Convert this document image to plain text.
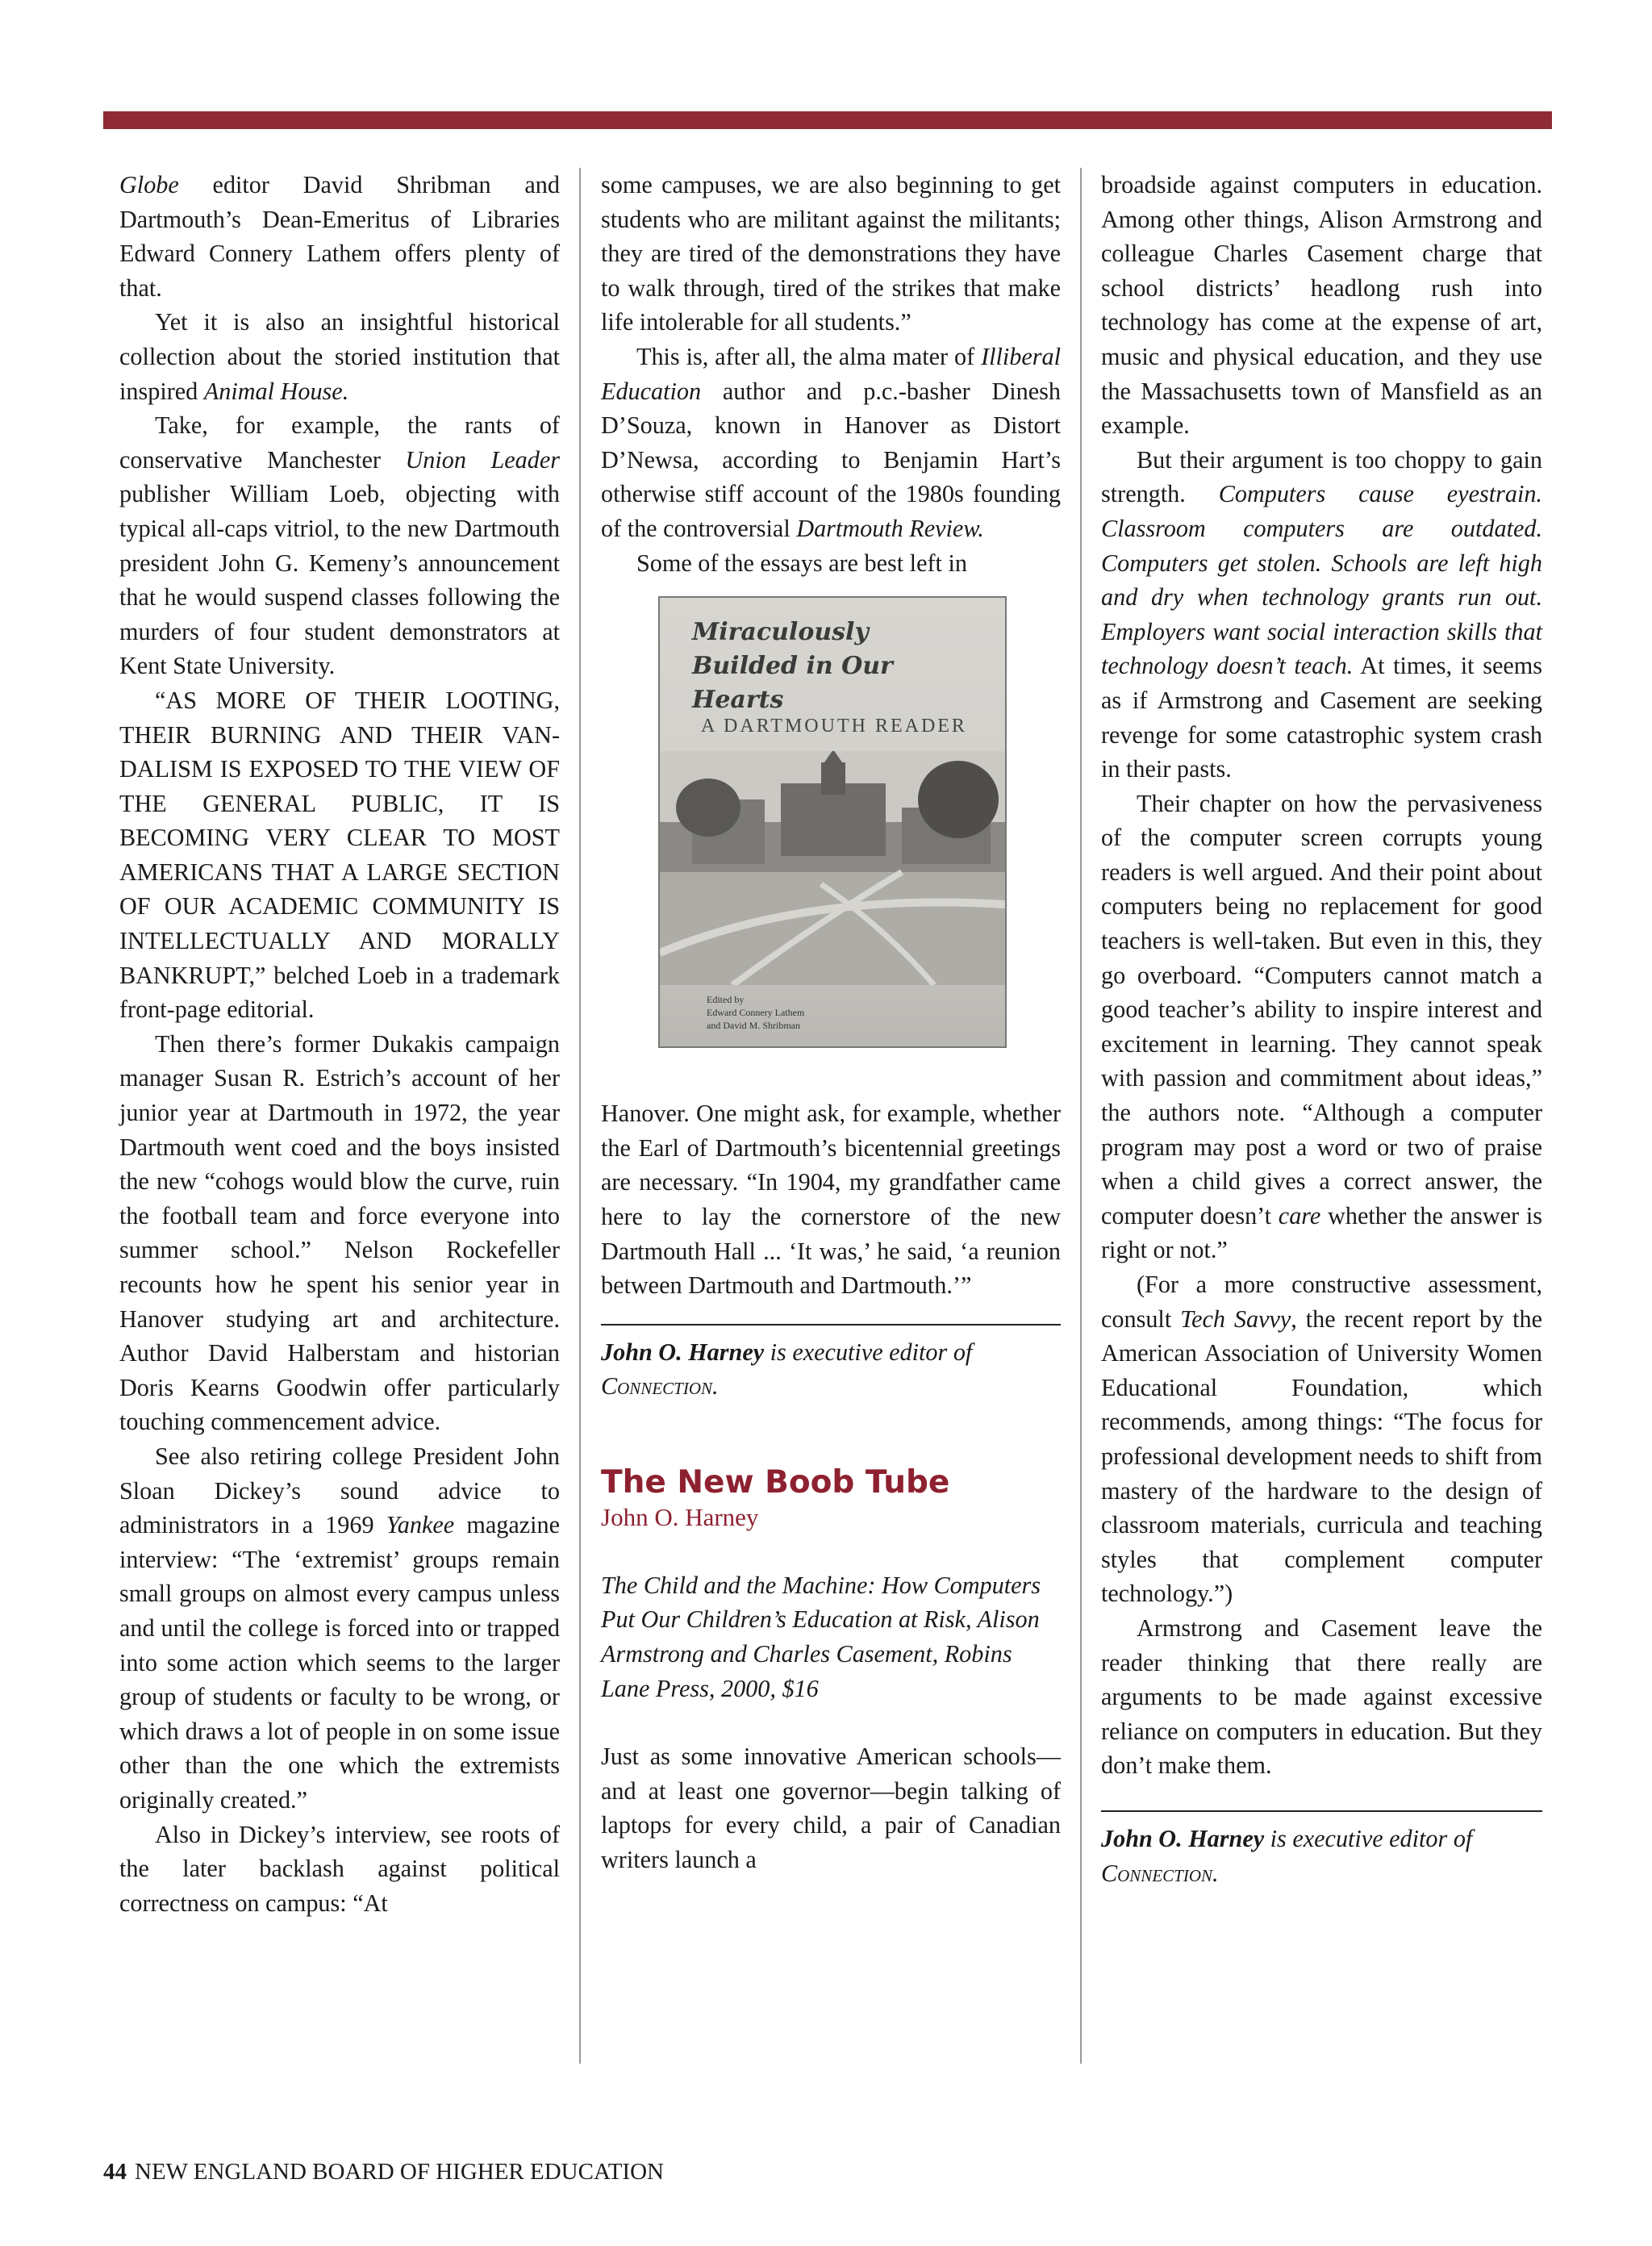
Globe editor David Shribman and Dartmouth’s Dean-Emeritus of Libraries Edward Connery Lathem offers plenty of that.

Yet it is also an insightful historical collection about the storied institution that inspired Animal House.

Take, for example, the rants of conservative Manchester Union Leader publisher William Loeb, objecting with typical all-caps vitriol, to the new Dartmouth president John G. Kemeny’s announcement that he would suspend classes following the murders of four student demonstrators at Kent State University.

“AS MORE OF THEIR LOOTING, THEIR BURNING AND THEIR VANDALISM IS EXPOSED TO THE VIEW OF THE GENERAL PUBLIC, IT IS BECOMING VERY CLEAR TO MOST AMERICANS THAT A LARGE SECTION OF OUR ACADEMIC COMMUNITY IS INTELLECTUALLY AND MORALLY BANKRUPT,” belched Loeb in a trademark front-page editorial.

Then there’s former Dukakis campaign manager Susan R. Estrich’s account of her junior year at Dartmouth in 1972, the year Dartmouth went coed and the boys insisted the new “cohogs would blow the curve, ruin the football team and force everyone into summer school.” Nelson Rockefeller recounts how he spent his senior year in Hanover studying art and architecture. Author David Halberstam and historian Doris Kearns Goodwin offer particularly touching commencement advice.

See also retiring college President John Sloan Dickey’s sound advice to administrators in a 1969 Yankee magazine interview: “The ‘extremist’ groups remain small groups on almost every campus unless and until the college is forced into or trapped into some action which seems to the larger group of students or faculty to be wrong, or which draws a lot of people in on some issue other than the one which the extremists originally created.”

Also in Dickey’s interview, see roots of the later backlash against political correctness on campus: “At

some campuses, we are also beginning to get students who are militant against the militants; they are tired of the demonstrations they have to walk through, tired of the strikes that make life intolerable for all students.”

This is, after all, the alma mater of Illiberal Education author and p.c.-basher Dinesh D’Souza, known in Hanover as Distort D’Newsa, according to Benjamin Hart’s otherwise stiff account of the 1980s founding of the controversial Dartmouth Review.

Some of the essays are best left in

Miraculously
Builded in Our Hearts
A DARTMOUTH READER
Edited by
Edward Connery Lathem
and David M. Shribman

Hanover. One might ask, for example, whether the Earl of Dartmouth’s bicentennial greetings are necessary. “In 1904, my grandfather came here to lay the cornerstore of the new Dartmouth Hall ... ‘It was,’ he said, ‘a reunion between Dartmouth and Dartmouth.’”

John O. Harney is executive editor of Connection.

The New Boob Tube
John O. Harney

The Child and the Machine: How Computers Put Our Children’s Education at Risk, Alison Armstrong and Charles Casement, Robins Lane Press, 2000, $16

Just as some innovative American schools—and at least one governor—begin talking of laptops for every child, a pair of Canadian writers launch a

broadside against computers in education. Among other things, Alison Armstrong and colleague Charles Casement charge that school districts’ headlong rush into technology has come at the expense of art, music and physical education, and they use the Massachusetts town of Mansfield as an example.

But their argument is too choppy to gain strength. Computers cause eyestrain. Classroom computers are outdated. Computers get stolen. Schools are left high and dry when technology grants run out. Employers want social interaction skills that technology doesn’t teach. At times, it seems as if Armstrong and Casement are seeking revenge for some catastrophic system crash in their pasts.

Their chapter on how the pervasiveness of the computer screen corrupts young readers is well argued. And their point about computers being no replacement for good teachers is well-taken. But even in this, they go overboard. “Computers cannot match a good teacher’s ability to inspire interest and excitement in learning. They cannot speak with passion and commitment about ideas,” the authors note. “Although a computer program may post a word or two of praise when a child gives a correct answer, the computer doesn’t care whether the answer is right or not.”

(For a more constructive assessment, consult Tech Savvy, the recent report by the American Association of University Women Educational Foundation, which recommends, among things: “The focus for professional development needs to shift from mastery of the hardware to the design of classroom materials, curricula and teaching styles that complement computer technology.”)

Armstrong and Casement leave the reader thinking that there really are arguments to be made against excessive reliance on computers in education. But they don’t make them.

John O. Harney is executive editor of Connection.

44 NEW ENGLAND BOARD OF HIGHER EDUCATION
